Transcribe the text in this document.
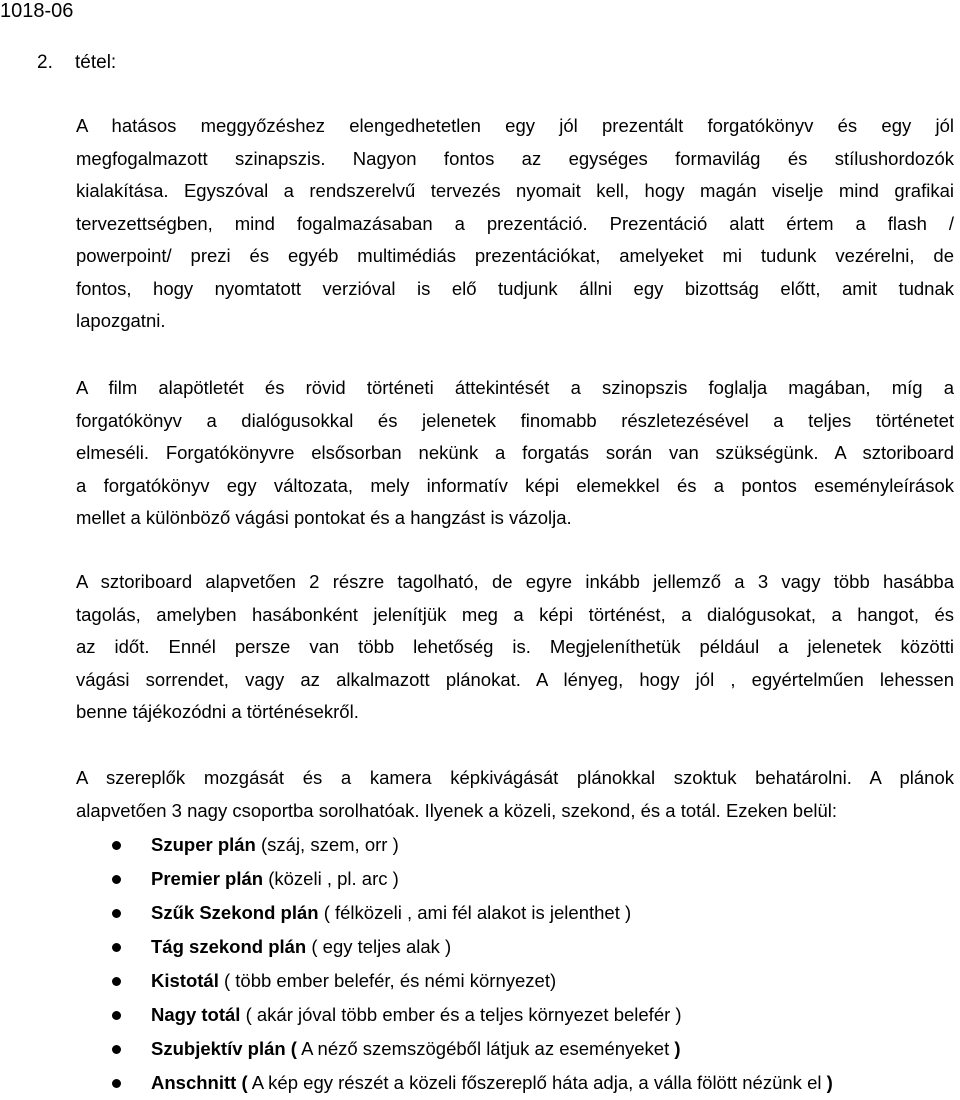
1018-06
2. tétel:
A hatásos meggyőzéshez elengedhetetlen egy jól prezentált forgatókönyv és egy jól
megfogalmazott szinapszis. Nagyon fontos az egységes formavilág és stílushordozók
kialakítása. Egyszóval a rendszerelvű tervezés nyomait kell, hogy magán viselje mind grafikai
tervezettségben, mind fogalmazásaban a prezentáció. Prezentáció alatt értem a flash /
powerpoint/ prezi és egyéb multimédiás prezentációkat, amelyeket mi tudunk vezérelni, de
fontos, hogy nyomtatott verzióval is elő tudjunk állni egy bizottság előtt, amit tudnak
lapozgatni.
A film alapötletét és rövid történeti áttekintését a szinopszis foglalja magában, míg a
forgatókönyv a dialógusokkal és jelenetek finomabb részletezésével a teljes történetet
elmeséli. Forgatókönyvre elsősorban nekünk a forgatás során van szükségünk. A sztoriboard
a forgatókönyv egy változata, mely informatív képi elemekkel és a pontos eseményleírások
mellet a különböző vágási pontokat és a hangzást is vázolja.
A sztoriboard alapvetően 2 részre tagolható, de egyre inkább jellemző a 3 vagy több hasábba
tagolás, amelyben hasábonként jelenítjük meg a képi történést, a dialógusokat, a hangot, és
az időt. Ennél persze van több lehetőség is. Megjeleníthetük például a jelenetek közötti
vágási sorrendet, vagy az alkalmazott plánokat. A lényeg, hogy jól , egyértelműen lehessen
benne tájékozódni a történésekről.
A szereplők mozgását és a kamera képkivágását plánokkal szoktuk behatárolni. A plánok
alapvetően 3 nagy csoportba sorolhatóak. Ilyenek a közeli, szekond, és a totál. Ezeken belül:
Szuper plán (száj, szem, orr )
Premier plán (közeli , pl. arc )
Szűk Szekond plán ( félközeli , ami fél alakot is jelenthet )
Tág szekond plán ( egy teljes alak )
Kistotál ( több ember belefér, és némi környezet)
Nagy totál ( akár jóval több ember és a teljes környezet belefér )
Szubjektív plán ( A néző szemszögéből látjuk az eseményeket )
Anschnitt ( A kép egy részét a közeli főszereplő háta adja, a válla fölött nézünk el )
